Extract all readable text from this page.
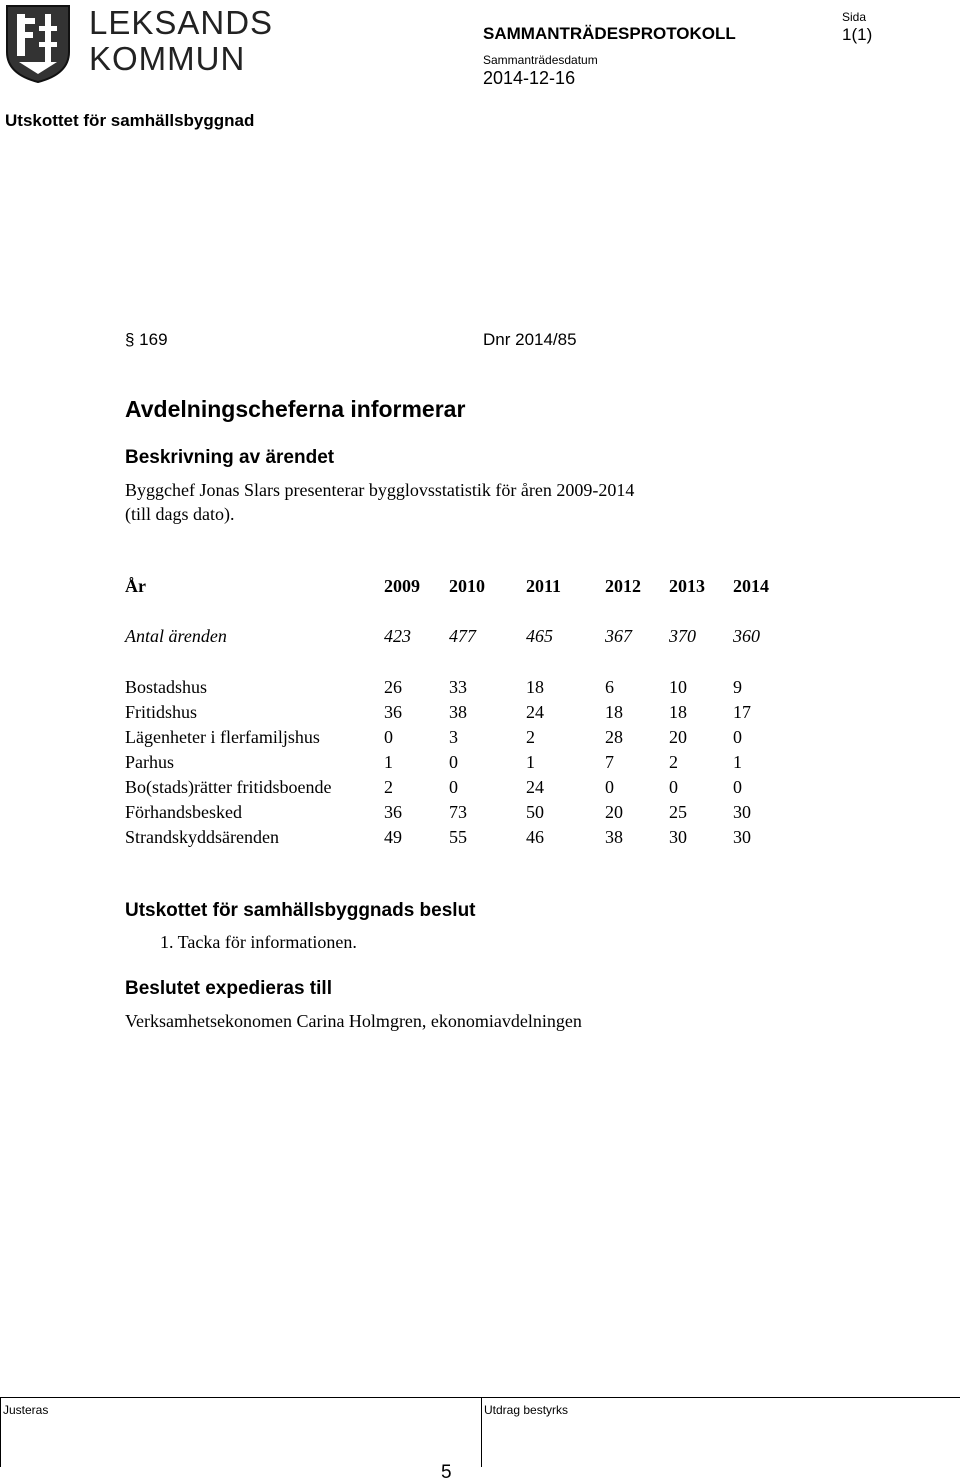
LEKSANDS
KOMMUN
SAMMANTRÄDESPROTOKOLL
Sida
1(1)
Sammanträdesdatum
2014-12-16
Utskottet för samhällsbyggnad
§ 169	Dnr 2014/85
Avdelningscheferna informerar
Beskrivning av ärendet
Byggchef Jonas Slars presenterar bygglovsstatistik för åren 2009-2014
(till dags dato).
År	2009	2010	2011	2012	2013	2014

Antal ärenden	423	477	465	367	370	360

Bostadshus	26	33	18	6	10	9
Fritidshus	36	38	24	18	18	17
Lägenheter i flerfamiljshus	0	3	2	28	20	0
Parhus	1	0	1	7	2	1
Bo(stads)rätter fritidsboende	2	0	24	0	0	0
Förhandsbesked	36	73	50	20	25	30
Strandskyddsärenden	49	55	46	38	30	30
Utskottet för samhällsbyggnads beslut
1. Tacka för informationen.
Beslutet expedieras till
Verksamhetsekonomen Carina Holmgren, ekonomiavdelningen
Justeras	Utdrag bestyrks
5
